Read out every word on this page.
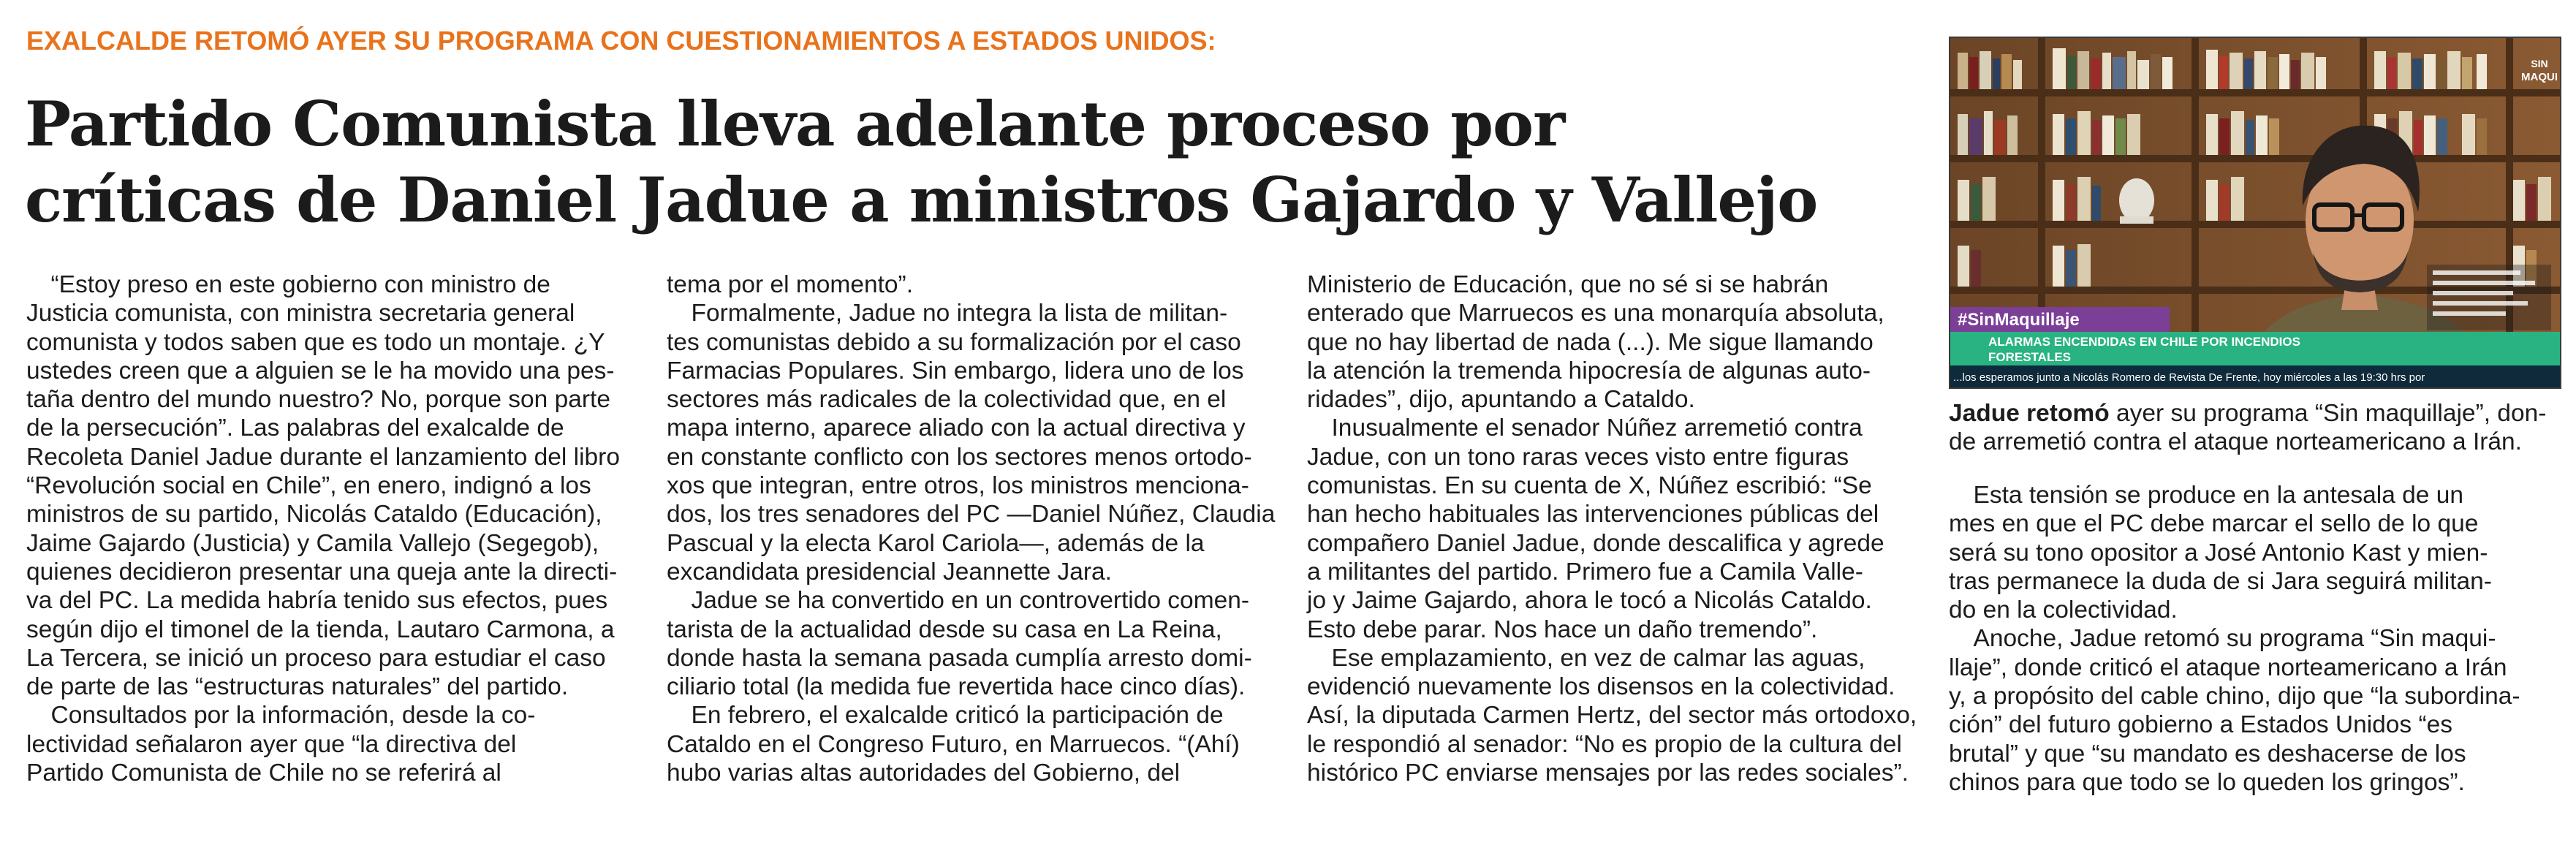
EXALCALDE RETOMÓ AYER SU PROGRAMA CON CUESTIONAMIENTOS A ESTADOS UNIDOS:
Partido Comunista lleva adelante proceso por
críticas de Daniel Jadue a ministros Gajardo y Vallejo
 “Estoy preso en este gobierno con ministro de
Justicia comunista, con ministra secretaria general
comunista y todos saben que es todo un montaje. ¿Y
ustedes creen que a alguien se le ha movido una pes-
taña dentro del mundo nuestro? No, porque son parte
de la persecución”. Las palabras del exalcalde de
Recoleta Daniel Jadue durante el lanzamiento del libro
“Revolución social en Chile”, en enero, indignó a los
ministros de su partido, Nicolás Cataldo (Educación),
Jaime Gajardo (Justicia) y Camila Vallejo (Segegob),
quienes decidieron presentar una queja ante la directi-
va del PC. La medida habría tenido sus efectos, pues
según dijo el timonel de la tienda, Lautaro Carmona, a
La Tercera, se inició un proceso para estudiar el caso
de parte de las “estructuras naturales” del partido.
 Consultados por la información, desde la co-
lectividad señalaron ayer que “la directiva del
Partido Comunista de Chile no se referirá al
tema por el momento”.
 Formalmente, Jadue no integra la lista de militan-
tes comunistas debido a su formalización por el caso
Farmacias Populares. Sin embargo, lidera uno de los
sectores más radicales de la colectividad que, en el
mapa interno, aparece aliado con la actual directiva y
en constante conflicto con los sectores menos ortodo-
xos que integran, entre otros, los ministros menciona-
dos, los tres senadores del PC —Daniel Núñez, Claudia
Pascual y la electa Karol Cariola—, además de la
excandidata presidencial Jeannette Jara.
 Jadue se ha convertido en un controvertido comen-
tarista de la actualidad desde su casa en La Reina,
donde hasta la semana pasada cumplía arresto domi-
ciliario total (la medida fue revertida hace cinco días).
 En febrero, el exalcalde criticó la participación de
Cataldo en el Congreso Futuro, en Marruecos. “(Ahí)
hubo varias altas autoridades del Gobierno, del
Ministerio de Educación, que no sé si se habrán
enterado que Marruecos es una monarquía absoluta,
que no hay libertad de nada (...). Me sigue llamando
la atención la tremenda hipocresía de algunas auto-
ridades”, dijo, apuntando a Cataldo.
 Inusualmente el senador Núñez arremetió contra
Jadue, con un tono raras veces visto entre figuras
comunistas. En su cuenta de X, Núñez escribió: “Se
han hecho habituales las intervenciones públicas del
compañero Daniel Jadue, donde descalifica y agrede
a militantes del partido. Primero fue a Camila Valle-
jo y Jaime Gajardo, ahora le tocó a Nicolás Cataldo.
Esto debe parar. Nos hace un daño tremendo”.
 Ese emplazamiento, en vez de calmar las aguas,
evidenció nuevamente los disensos en la colectividad.
Así, la diputada Carmen Hertz, del sector más ortodoxo,
le respondió al senador: “No es propio de la cultura del
histórico PC enviarse mensajes por las redes sociales”.
SIN
MAQUI
#SinMaquillaje
ALARMAS ENCENDIDAS EN CHILE POR INCENDIOS
FORESTALES
...los esperamos junto a Nicolás Romero de Revista De Frente, hoy miércoles a las 19:30 hrs por
Jadue retomó ayer su programa “Sin maquillaje”, don-
de arremetió contra el ataque norteamericano a Irán.
 Esta tensión se produce en la antesala de un
mes en que el PC debe marcar el sello de lo que
será su tono opositor a José Antonio Kast y mien-
tras permanece la duda de si Jara seguirá militan-
do en la colectividad.
 Anoche, Jadue retomó su programa “Sin maqui-
llaje”, donde criticó el ataque norteamericano a Irán
y, a propósito del cable chino, dijo que “la subordina-
ción” del futuro gobierno a Estados Unidos “es
brutal” y que “su mandato es deshacerse de los
chinos para que todo se lo queden los gringos”.
